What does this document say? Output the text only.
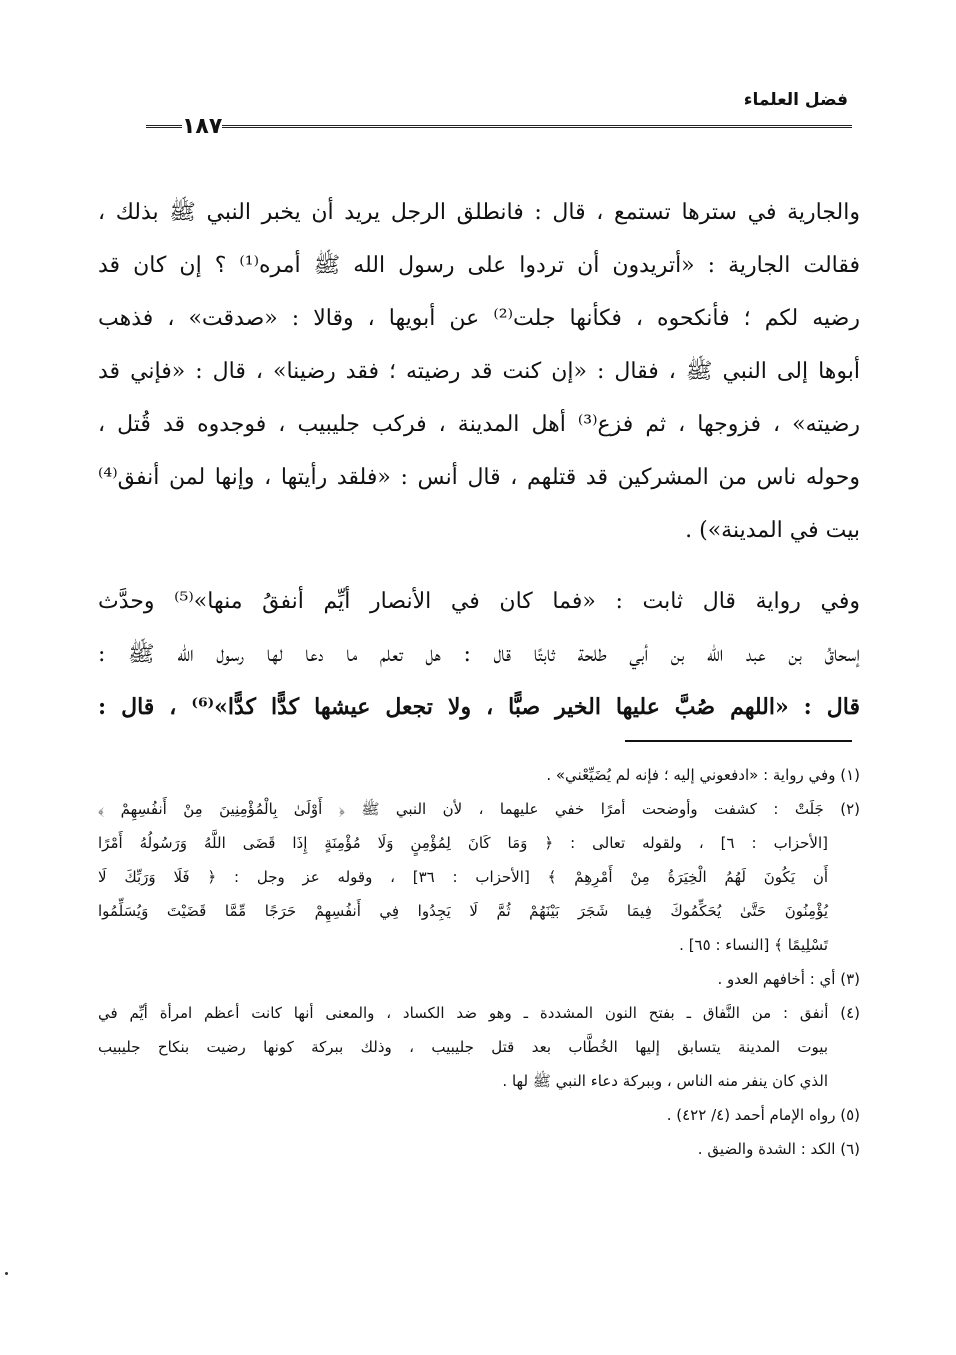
فضل العلماء
١٨٧
والجارية في سترها تستمع ، قال : فانطلق الرجل يريد أن يخبر النبي ﷺ بذلك ،
فقالت الجارية : «أتريدون أن تردوا على رسول الله ﷺ أمره⁽¹⁾ ؟ إن كان قد
رضيه لكم ؛ فأنكحوه ، فكأنها جلت⁽²⁾ عن أبويها ، وقالا : «صدقت» ، فذهب
أبوها إلى النبي ﷺ ، فقال : «إن كنت قد رضيته ؛ فقد رضينا» ، قال : «فإني قد
رضيته» ، فزوجها ، ثم فزع⁽³⁾ أهل المدينة ، فركب جليبيب ، فوجدوه قد قُتل ،
وحوله ناس من المشركين قد قتلهم ، قال أنس : «فلقد رأيتها ، وإنها لمن أنفق⁽⁴⁾
بيت في المدينة») .
وفي رواية قال ثابت : «فما كان في الأنصار أيِّم أنفقُ منها»⁽⁵⁾ وحدَّث
إسحاقُ بن عبد الله بن أبي طلحة ثابتًا قال : هل تعلم ما دعا لها رسول الله ﷺ :
قال : «اللهم صُبَّ عليها الخير صبًّا ، ولا تجعل عيشها كدًّا كدًّا»⁽⁶⁾ ، قال :
(١) وفي رواية : «ادفعوني إليه ؛ فإنه لم يُضَيِّعْني» .
(٢) جَلَتْ : كشفت وأوضحت أمرًا خفي عليهما ، لأن النبي ﷺ ﴿ أَوْلَىٰ بِالْمُؤْمِنِينَ مِنْ أَنفُسِهِمْ ﴾
[الأحزاب : ٦] ، ولقوله تعالى : ﴿ وَمَا كَانَ لِمُؤْمِنٍ وَلَا مُؤْمِنَةٍ إِذَا قَضَى اللَّهُ وَرَسُولُهُ أَمْرًا
أَن يَكُونَ لَهُمُ الْخِيَرَةُ مِنْ أَمْرِهِمْ ﴾ [الأحزاب : ٣٦] ، وقوله عز وجل : ﴿ فَلَا وَرَبِّكَ لَا
يُؤْمِنُونَ حَتَّىٰ يُحَكِّمُوكَ فِيمَا شَجَرَ بَيْنَهُمْ ثُمَّ لَا يَجِدُوا فِي أَنفُسِهِمْ حَرَجًا مِّمَّا قَضَيْتَ وَيُسَلِّمُوا
تَسْلِيمًا ﴾ [النساء : ٦٥] .
(٣) أي : أخافهم العدو .
(٤) أنفق : من النَّفاق ـ بفتح النون المشددة ـ وهو ضد الكساد ، والمعنى أنها كانت أعظم امرأة أيِّم في
بيوت المدينة يتسابق إليها الخُطَّاب بعد قتل جليبيب ، وذلك ببركة كونها رضيت بنكاح جليبيب
الذي كان ينفر منه الناس ، وببركة دعاء النبي ﷺ لها .
(٥) رواه الإمام أحمد (٤/ ٤٢٢) .
(٦) الكد : الشدة والضيق .
